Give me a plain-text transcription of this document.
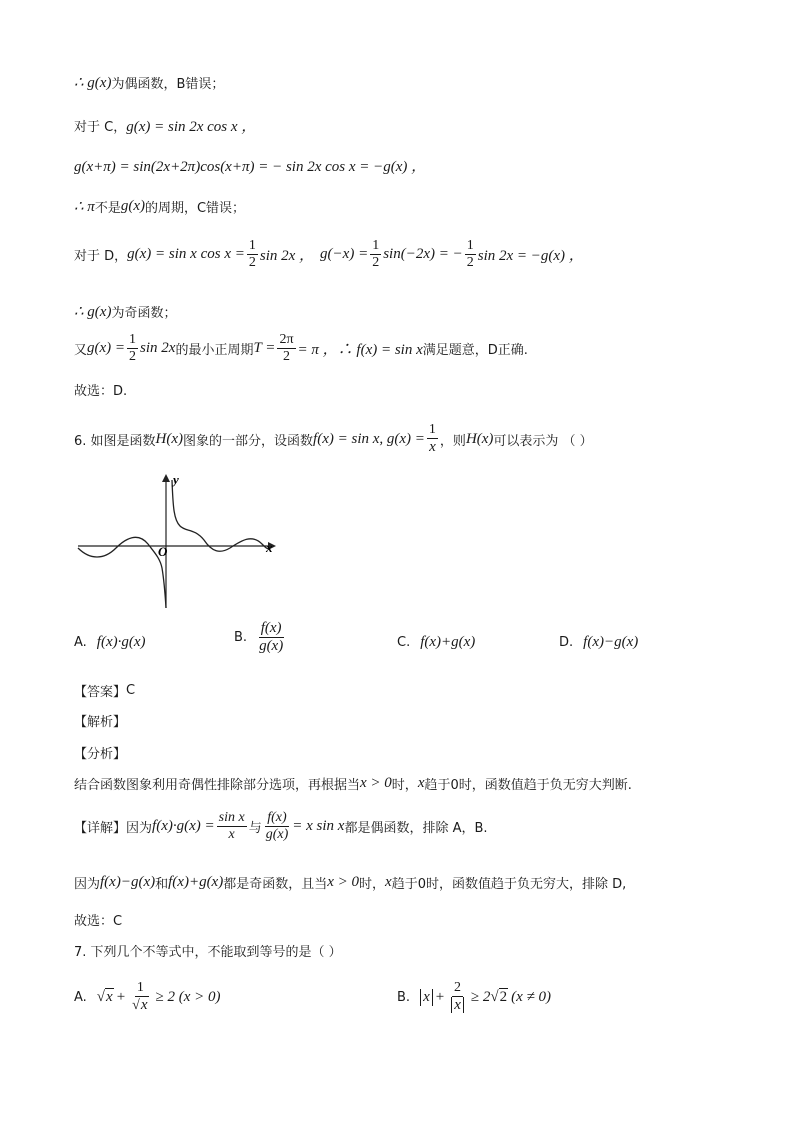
∴ g(x) 为偶函数，B错误；
对于 C， g(x) = sin 2x cos x ，
g(x+π) = sin(2x+2π)cos(x+π) = − sin 2x cos x = −g(x) ，
∴ π 不是 g(x) 的周期，C错误；
对于 D， g(x) = sin x $\cos x = \frac{1}{2}$ sin 2x ， $g(-x) = \frac{1}{2} \sin(-2x)$ = − $\frac{1}{2}$ sin 2x = −g(x) ，
∴ g(x) 为奇函数；
又 $g(x) = \frac{1}{2}$ sin 2x 的最小正周期 $T = \frac{2\pi}{2} = \pi$ ，∴ f(x) = sin x 满足题意，D正确.
故选：D.
6. 如图是函数 H(x) 图象的一部分，设函数 f(x) = sin x, $g(x) = \frac{1}{x}$ ，则 H(x) 可以表示为 （ ）
y
x
O
A. f(x)·g(x)	B. $\frac{f(x)}{g(x)}$	C. f(x)+g(x)	D. f(x)−g(x)
【答案】 C
【解析】
【分析】
结合函数图象利用奇偶性排除部分选项，再根据当 x > 0 时， x 趋于0时，函数值趋于负无穷大判断.
【详解】 因为 $f(x)\cdot g(x) = \frac{\text{sin x}}{x}$ 与 $\frac{f(x)}{g(x)} = x$ sin x 都是偶函数，排除 A，B.
因为 f(x)−g(x) 和 f(x)+g(x) 都是奇函数，且当 x > 0 时， x 趋于0时，函数值趋于负无穷大，排除 D,
故选：C
7. 下列几个不等式中，不能取到等号的是（ ）
A. √ $x + \frac{1}{√x} \ge 2$ (x > 0)	B. $x + \frac{2}{x} \ge 2$ √ 2 (x ≠ 0)
